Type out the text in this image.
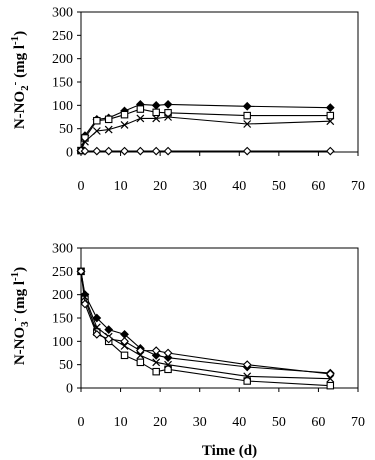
0
50
100
150
200
250
300
0 10 20 30 40 50 60 70
$N-NO_2^-$ (mg $l^{-1}$)
0
50
100
150
200
250
300
0 10 20 30 40 50 60 70
$N-NO_3^-$ (mg $l^{-1}$)
Time (d)
